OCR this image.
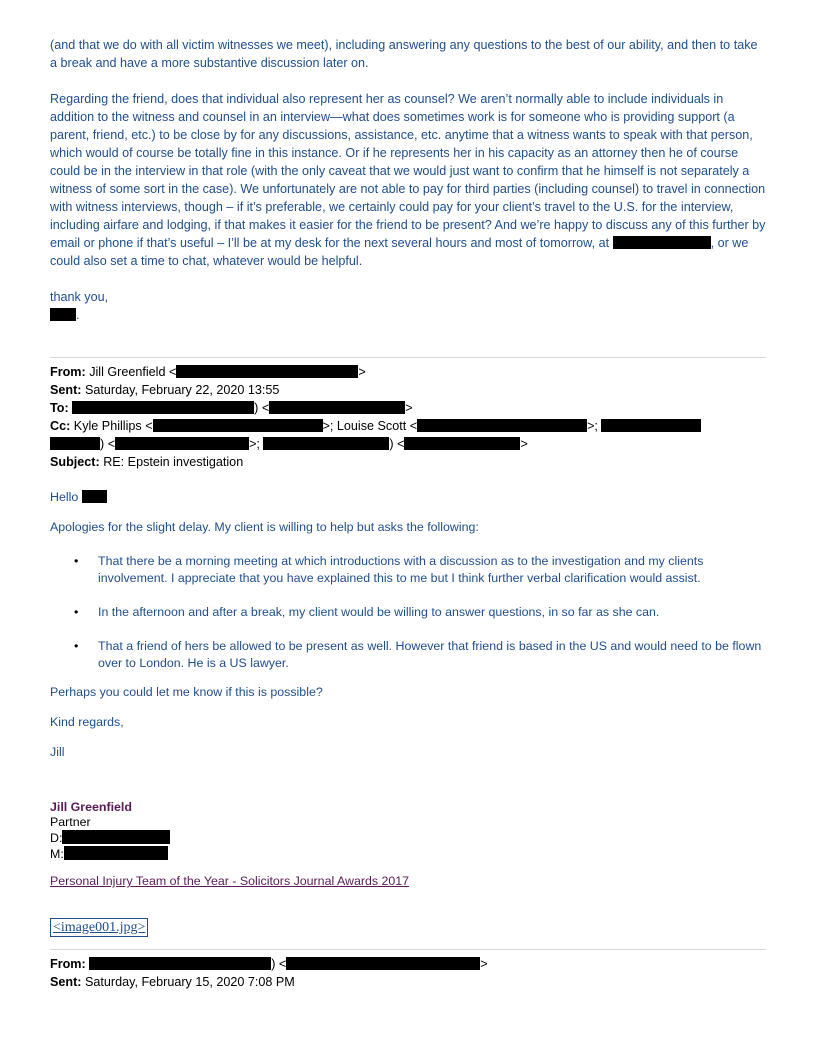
(and that we do with all victim witnesses we meet), including answering any questions to the best of our ability, and then to take a break and have a more substantive discussion later on.

Regarding the friend, does that individual also represent her as counsel? We aren’t normally able to include individuals in addition to the witness and counsel in an interview—what does sometimes work is for someone who is providing support (a parent, friend, etc.) to be close by for any discussions, assistance, etc. anytime that a witness wants to speak with that person, which would of course be totally fine in this instance. Or if he represents her in his capacity as an attorney then he of course could be in the interview in that role (with the only caveat that we would just want to confirm that he himself is not separately a witness of some sort in the case). We unfortunately are not able to pay for third parties (including counsel) to travel in connection with witness interviews, though – if it’s preferable, we certainly could pay for your client’s travel to the U.S. for the interview, including airfare and lodging, if that makes it easier for the friend to be present? And we’re happy to discuss any of this further by email or phone if that’s useful – I’ll be at my desk for the next several hours and most of tomorrow, at	, or we could also set a time to chat, whatever would be helpful.

thank you,

.

From: Jill Greenfield <	>
Sent: Saturday, February 22, 2020 13:55
To:	) <	>
Cc: Kyle Phillips <	>; Louise Scott <	>;
) <	>;	) <	>
Subject: RE: Epstein investigation

Hello

Apologies for the slight delay. My client is willing to help but asks the following:

• That there be a morning meeting at which introductions with a discussion as to the investigation and my clients involvement. I appreciate that you have explained this to me but I think further verbal clarification would assist.
• In the afternoon and after a break, my client would be willing to answer questions, in so far as she can.
• That a friend of hers be allowed to be present as well. However that friend is based in the US and would need to be flown over to London. He is a US lawyer.

Perhaps you could let me know if this is possible?

Kind regards,

Jill

Jill Greenfield
Partner
D:
M:
Personal Injury Team of the Year - Solicitors Journal Awards 2017
<image001.jpg>
From:	) <	>
Sent: Saturday, February 15, 2020 7:08 PM
